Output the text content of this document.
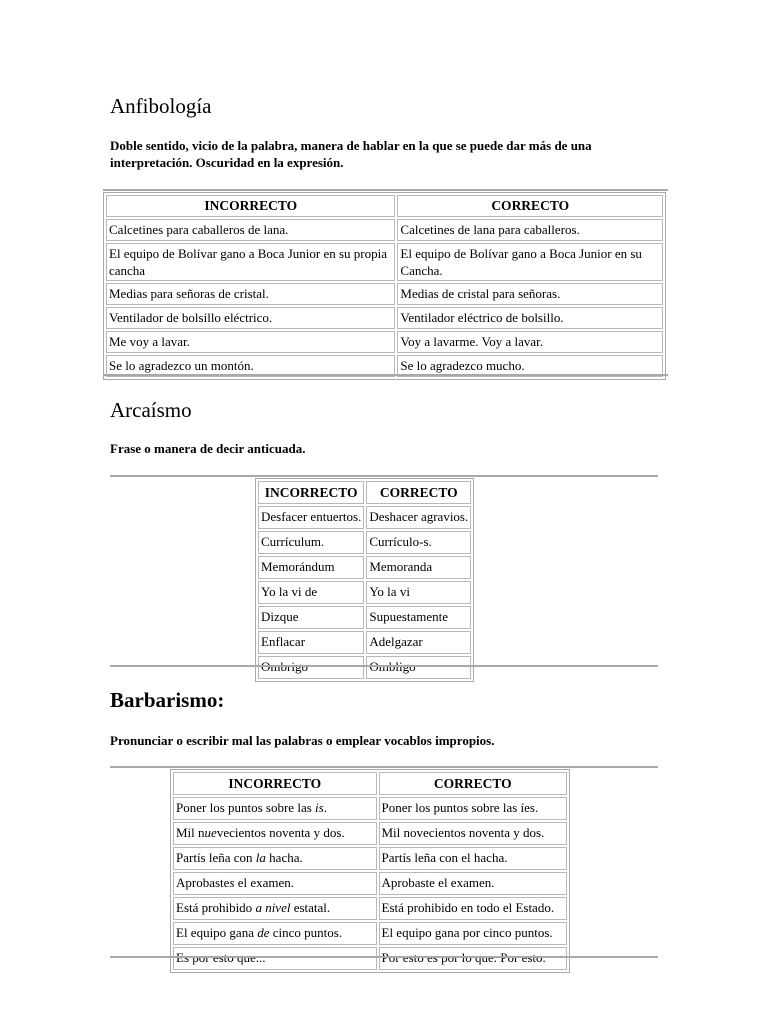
Anfibología

Doble sentido, vicio de la palabra, manera de hablar en la que se puede dar más de una interpretación. Oscuridad en la expresión.

INCORRECTO	CORRECTO
Calcetines para caballeros de lana.	Calcetines de lana para caballeros.
El equipo de Bolívar gano a Boca Junior en su propia cancha	El equipo de Bolívar gano a Boca Junior en su Cancha.
Medias para señoras de cristal.	Medias de cristal para señoras.
Ventilador de bolsillo eléctrico.	Ventilador eléctrico de bolsillo.
Me voy a lavar.	Voy a lavarme. Voy a lavar.
Se lo agradezco un montón.	Se lo agradezco mucho.
Arcaísmo

Frase o manera de decir anticuada.

INCORRECTO	CORRECTO
Desfacer entuertos.	Deshacer agravios.
Currículum.	Currículo-s.
Memorándum	Memoranda
Yo la vi de	Yo la vi
Dizque	Supuestamente
Enflacar	Adelgazar
Ombrigo	Ombligo
Barbarismo:

Pronunciar o escribir mal las palabras o emplear vocablos impropios.

INCORRECTO	CORRECTO
Poner los puntos sobre las is.	Poner los puntos sobre las íes.
Mil nuevecientos noventa y dos.	Mil novecientos noventa y dos.
Partís leña con la hacha.	Partís leña con el hacha.
Aprobastes el examen.	Aprobaste el examen.
Está prohibido a nivel estatal.	Está prohibido en todo el Estado.
El equipo gana de cinco puntos.	El equipo gana por cinco puntos.
Es por esto que...	Por esto es por lo que. Por esto.
